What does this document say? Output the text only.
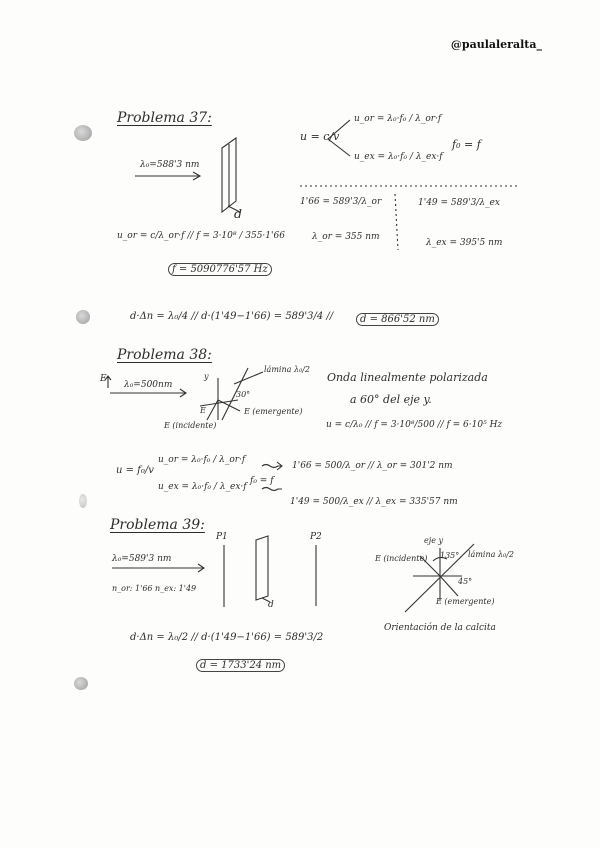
@paulaleralta_
Problema 37:
λ₀=588'3 nm
d
u = c/v
u_or = λ₀·f₀ / λ_or·f
u_ex = λ₀·f₀ / λ_ex·f
f₀ = f
1'66 = 589'3/λ_or
λ_or = 355 nm
1'49 = 589'3/λ_ex
λ_ex = 395'5 nm
u_or = c/λ_or·f // f = 3·10⁸ / 355·1'66
f = 5090776'57 Hz
d·Δn = λ₀/4 // d·(1'49−1'66) = 589'3/4 //	d = 866'52 nm
Problema 38:
E
λ₀=500nm
y
lámina λ₀/2
30°
E (incidente)
E	E (emergente)
Onda linealmente polarizada
a 60° del eje y.
u = c/λ₀ // f = 3·10⁸/500 // f = 6·10⁵ Hz
u = f₀/v
u_or = λ₀·f₀ / λ_or·f
u_ex = λ₀·f₀ / λ_ex·f
f₀ = f
1'66 = 500/λ_or // λ_or = 301'2 nm
1'49 = 500/λ_ex // λ_ex = 335'57 nm
Problema 39:
λ₀=589'3 nm
n_or: 1'66 n_ex: 1'49
P1	P2
d
E (incidente)
eje y
135° lámina λ₀/2
45°
E (emergente)
Orientación de la calcita
d·Δn = λ₀/2 // d·(1'49−1'66) = 589'3/2
d = 1733'24 nm
